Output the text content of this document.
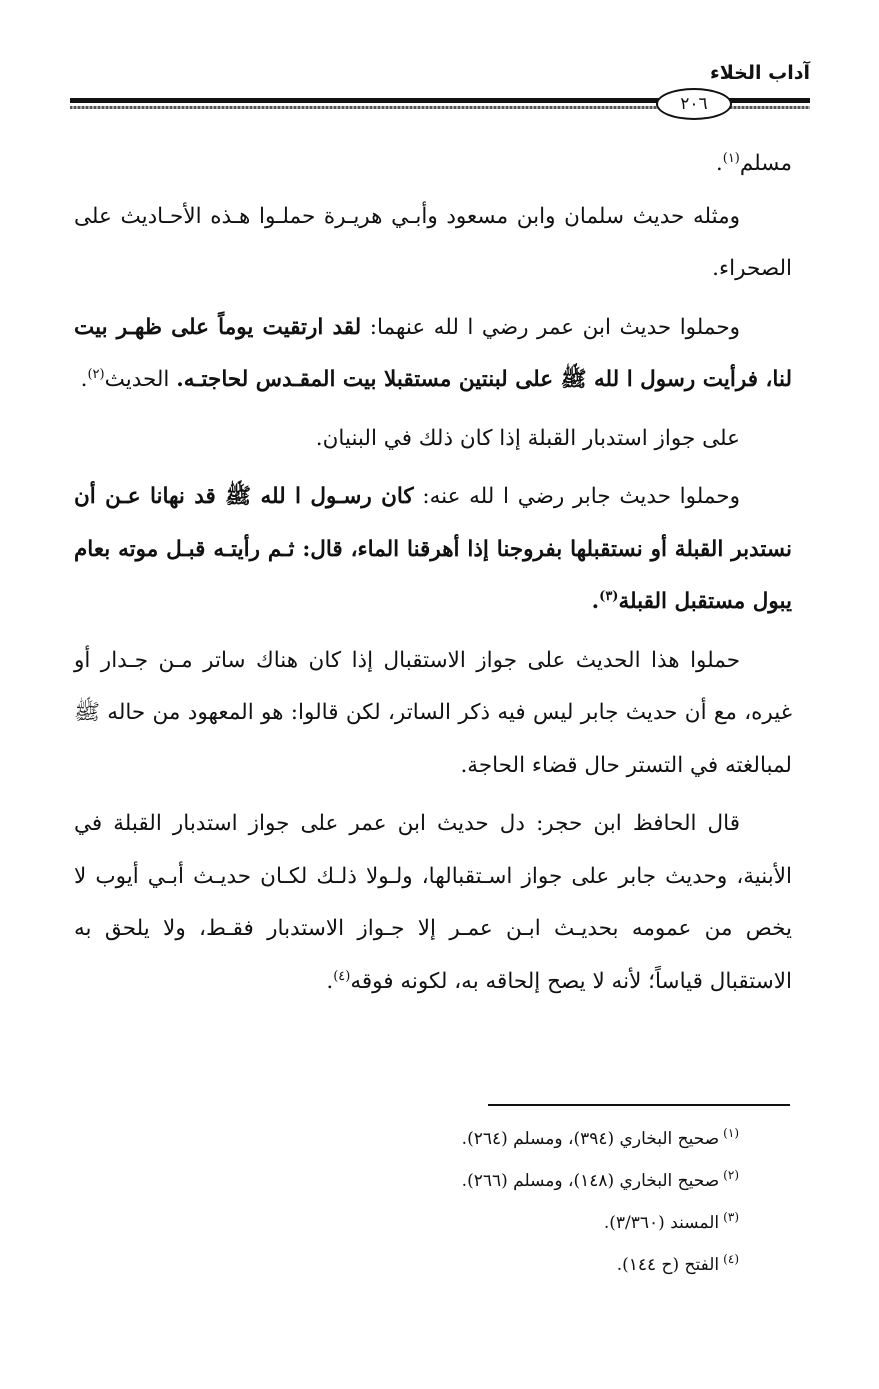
آداب الخلاء
٢٠٦

مسلم$^{(١)}$.

ومثله حديث سلمان وابن مسعود وأبـي هريـرة حملـوا هـذه الأحـاديث على الصحراء.

وحملوا حديث ابن عمر رضي ا لله عنهما: لقد ارتقيت يوماً على ظهـر بيت لنا، فرأيت رسول ا لله ﷺ على لبنتين مستقبلا بيت المقـدس لحاجتـه. الحديث$^{(٢)}$.

على جواز استدبار القبلة إذا كان ذلك في البنيان.

وحملوا حديث جابر رضي ا لله عنه: كان رسـول ا لله ﷺ قد نهانا عـن أن نستدبر القبلة أو نستقبلها بفروجنا إذا أهرقنا الماء، قال: ثـم رأيتـه قبـل موته بعام يبول مستقبل القبلة$^{(٣)}$.

حملوا هذا الحديث على جواز الاستقبال إذا كان هناك ساتر مـن جـدار أو غيره، مع أن حديث جابر ليس فيه ذكر الساتر، لكن قالوا: هو المعهود من حاله ﷺ لمبالغته في التستر حال قضاء الحاجة.

قال الحافظ ابن حجر: دل حديث ابن عمر على جواز استدبار القبلة في الأبنية، وحديث جابر على جواز اسـتقبالها، ولـولا ذلـك لكـان حديـث أبـي أيوب لا يخص من عمومه بحديـث ابـن عمـر إلا جـواز الاستدبار فقـط، ولا يلحق به الاستقبال قياساً؛ لأنه لا يصح إلحاقه به، لكونه فوقه$^{(٤)}$.

$^{(١)}$صحيح البخاري (٣٩٤)، ومسلم (٢٦٤).
$^{(٢)}$صحيح البخاري (١٤٨)، ومسلم (٢٦٦).
$^{(٣)}$المسند (٣/٣٦٠).
$^{(٤)}$الفتح (ح ١٤٤).
